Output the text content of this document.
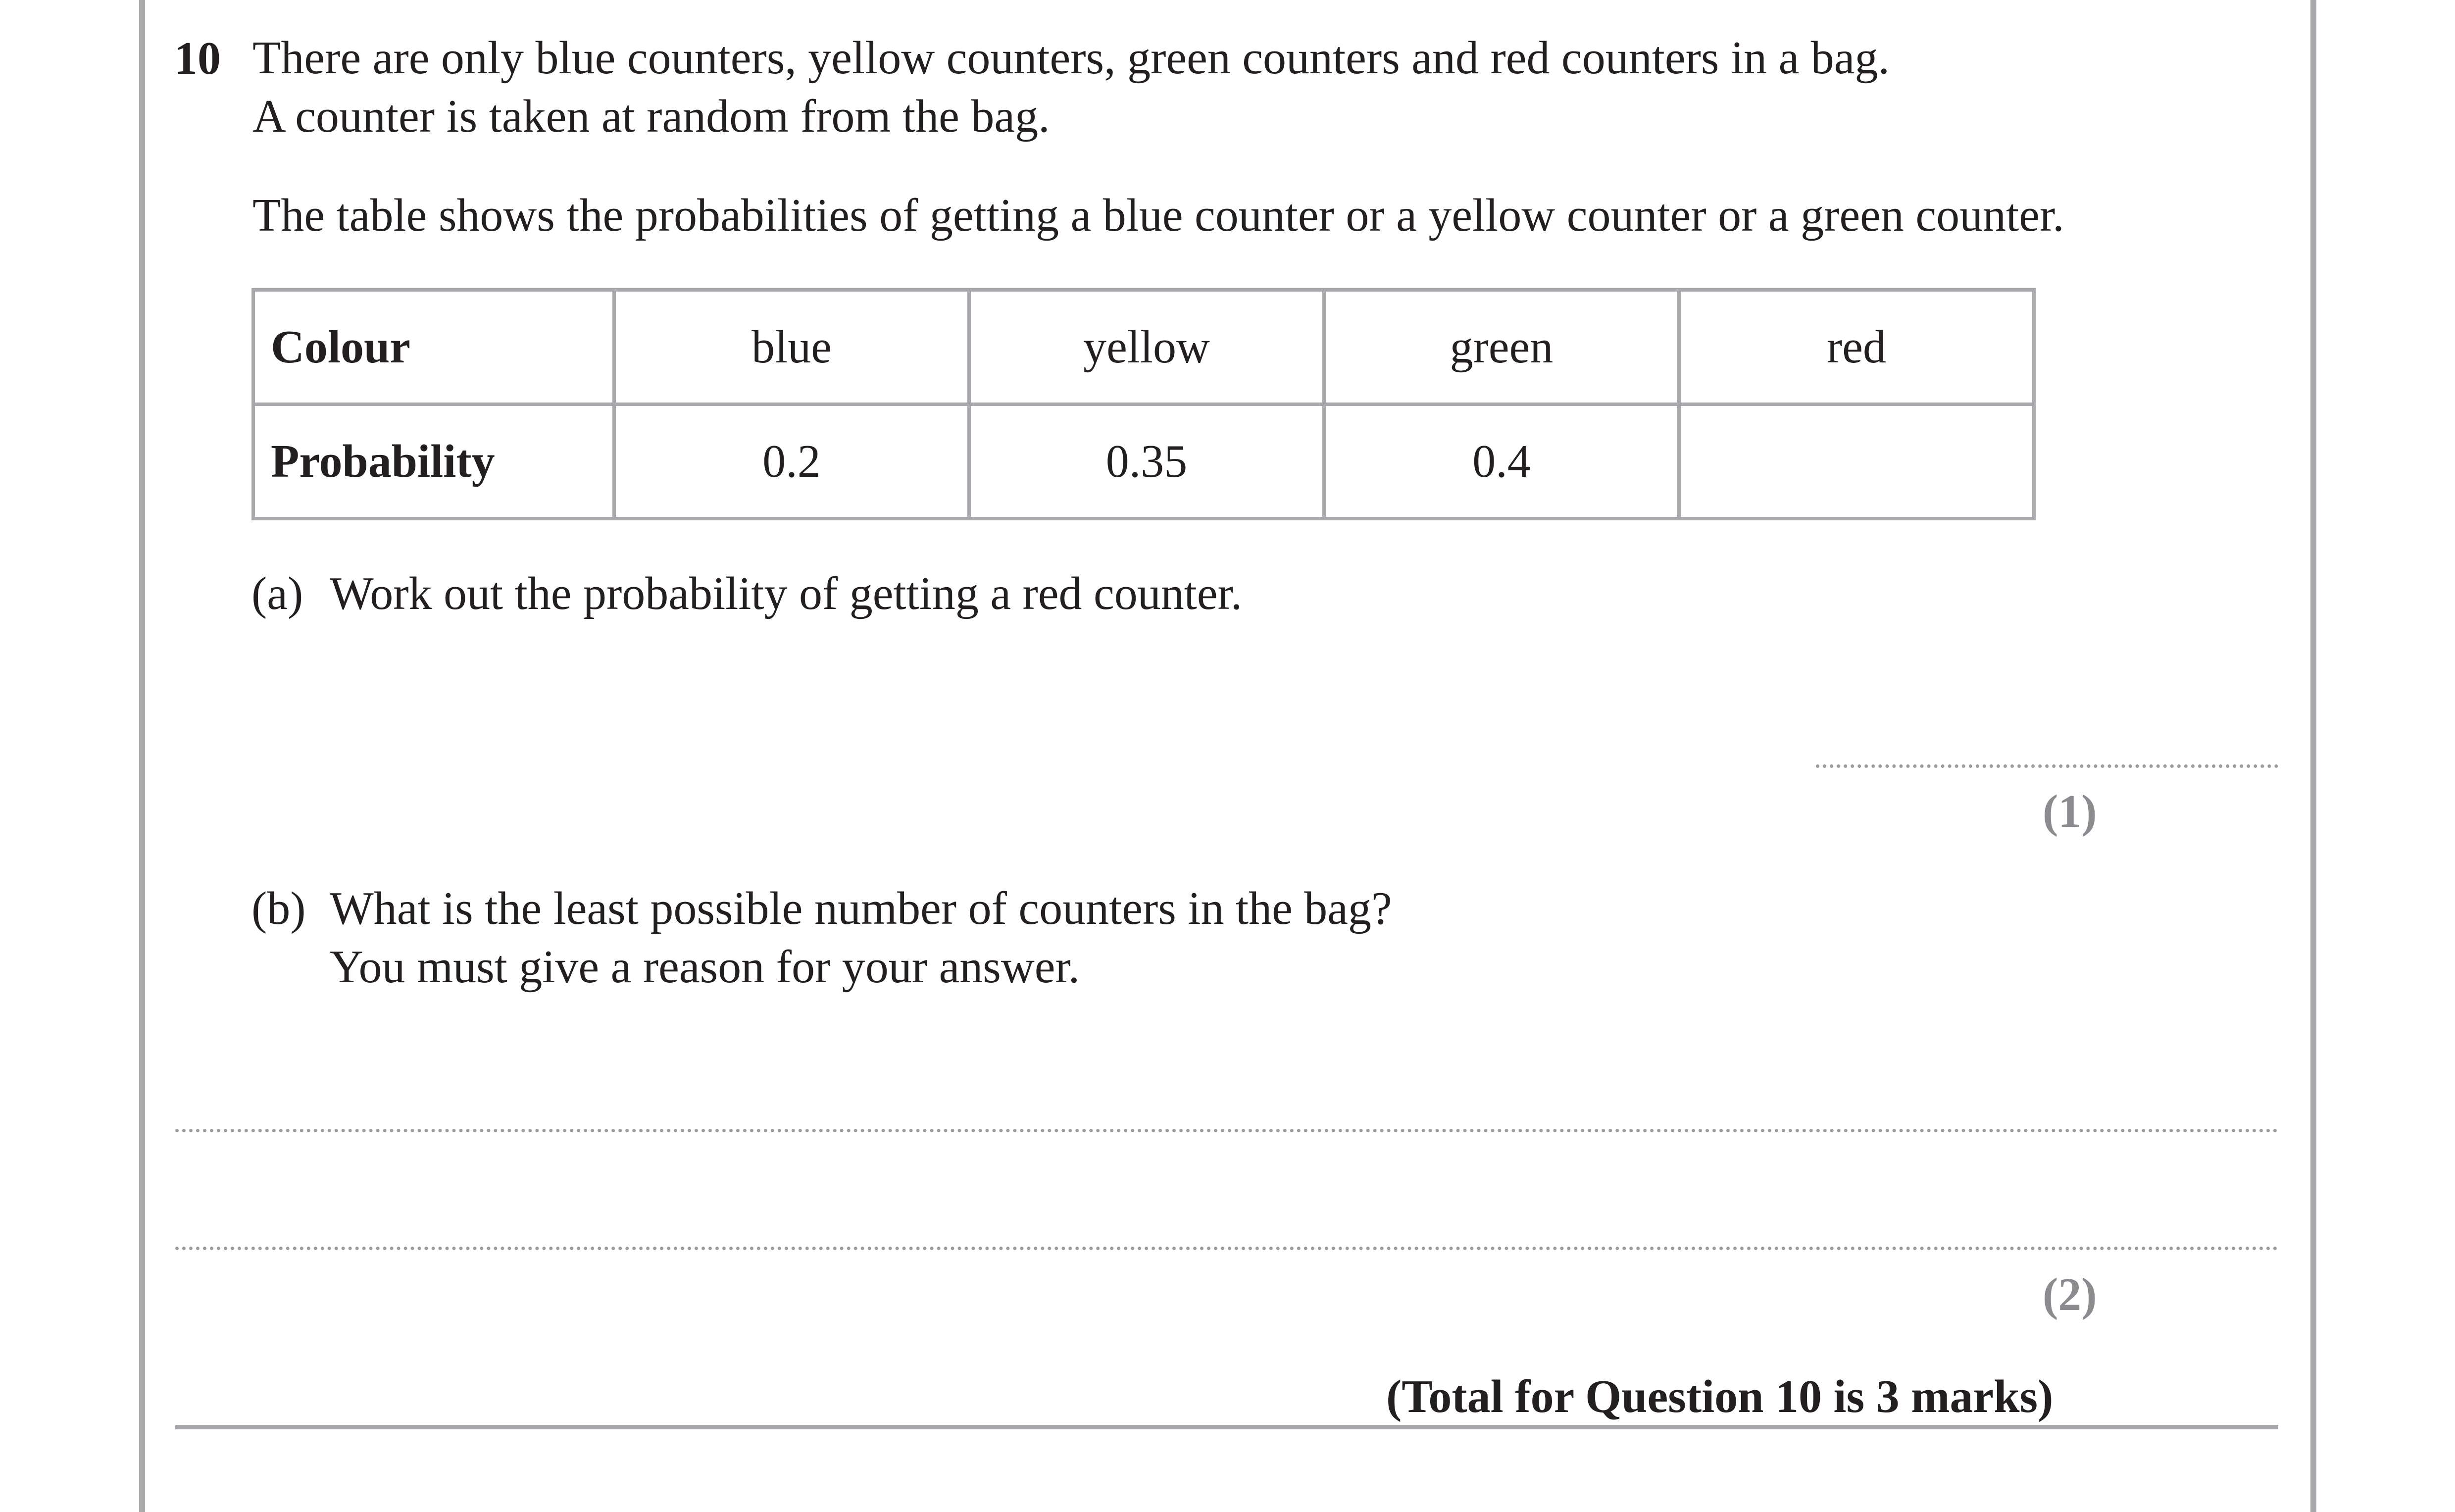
10 There are only blue counters, yellow counters, green counters and red counters in a bag.
A counter is taken at random from the bag.
The table shows the probabilities of getting a blue counter or a yellow counter or a green counter.
Colour	blue	yellow	green	red
Probability	0.2	0.35	0.4	
(a) Work out the probability of getting a red counter.
(1)
(b) What is the least possible number of counters in the bag?
You must give a reason for your answer.
(2)
(Total for Question 10 is 3 marks)
